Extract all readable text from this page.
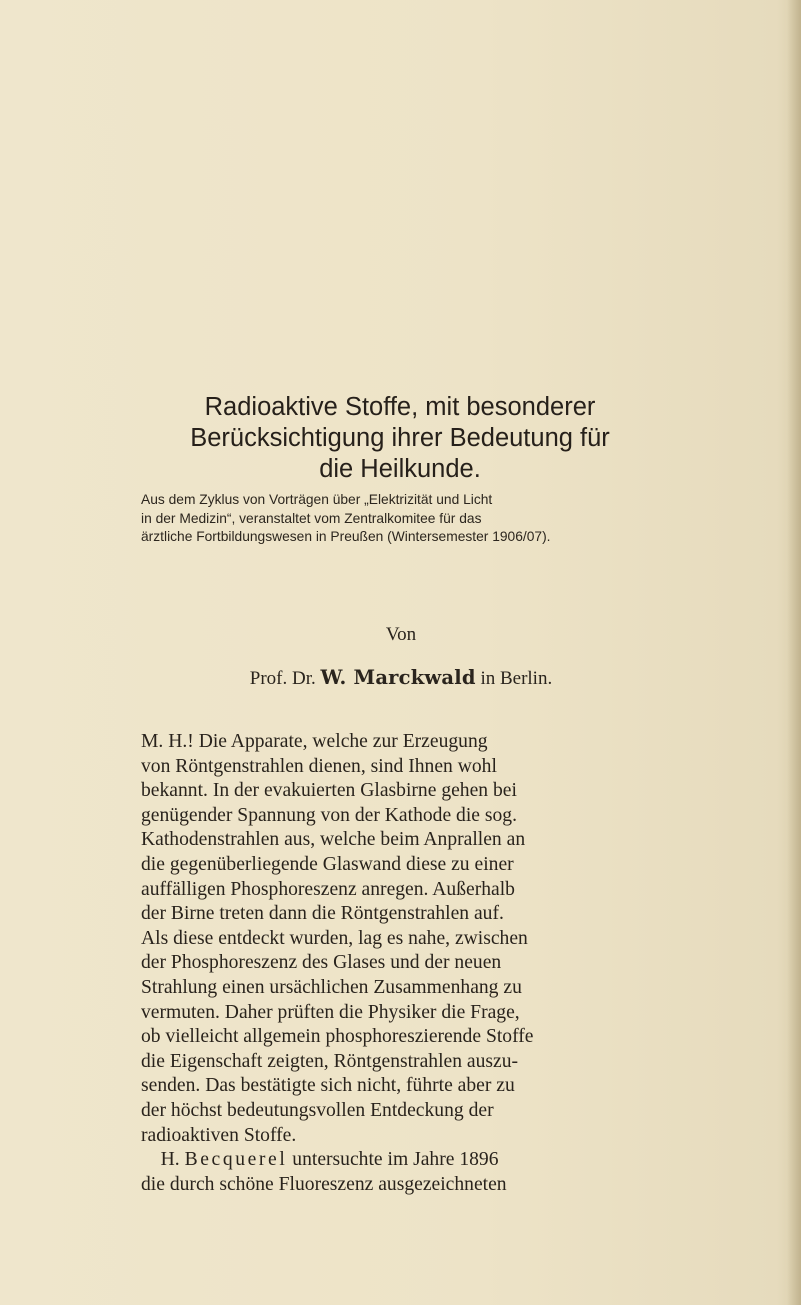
Radioaktive Stoffe, mit besonderer
Berücksichtigung ihrer Bedeutung für
die Heilkunde.
Aus dem Zyklus von Vorträgen über „Elektrizität und Licht
in der Medizin“, veranstaltet vom Zentralkomitee für das
ärztliche Fortbildungswesen in Preußen (Wintersemester 1906/07).
Von
Prof. Dr. W. Marckwald in Berlin.
M. H.! Die Apparate, welche zur Erzeugung
von Röntgenstrahlen dienen, sind Ihnen wohl
bekannt. In der evakuierten Glasbirne gehen bei
genügender Spannung von der Kathode die sog.
Kathodenstrahlen aus, welche beim Anprallen an
die gegenüberliegende Glaswand diese zu einer
auffälligen Phosphoreszenz anregen. Außerhalb
der Birne treten dann die Röntgenstrahlen auf.
Als diese entdeckt wurden, lag es nahe, zwischen
der Phosphoreszenz des Glases und der neuen
Strahlung einen ursächlichen Zusammenhang zu
vermuten. Daher prüften die Physiker die Frage,
ob vielleicht allgemein phosphoreszierende Stoffe
die Eigenschaft zeigten, Röntgenstrahlen auszu-
senden. Das bestätigte sich nicht, führte aber zu
der höchst bedeutungsvollen Entdeckung der
radioaktiven Stoffe.
H. Becquerel untersuchte im Jahre 1896
die durch schöne Fluoreszenz ausgezeichneten
